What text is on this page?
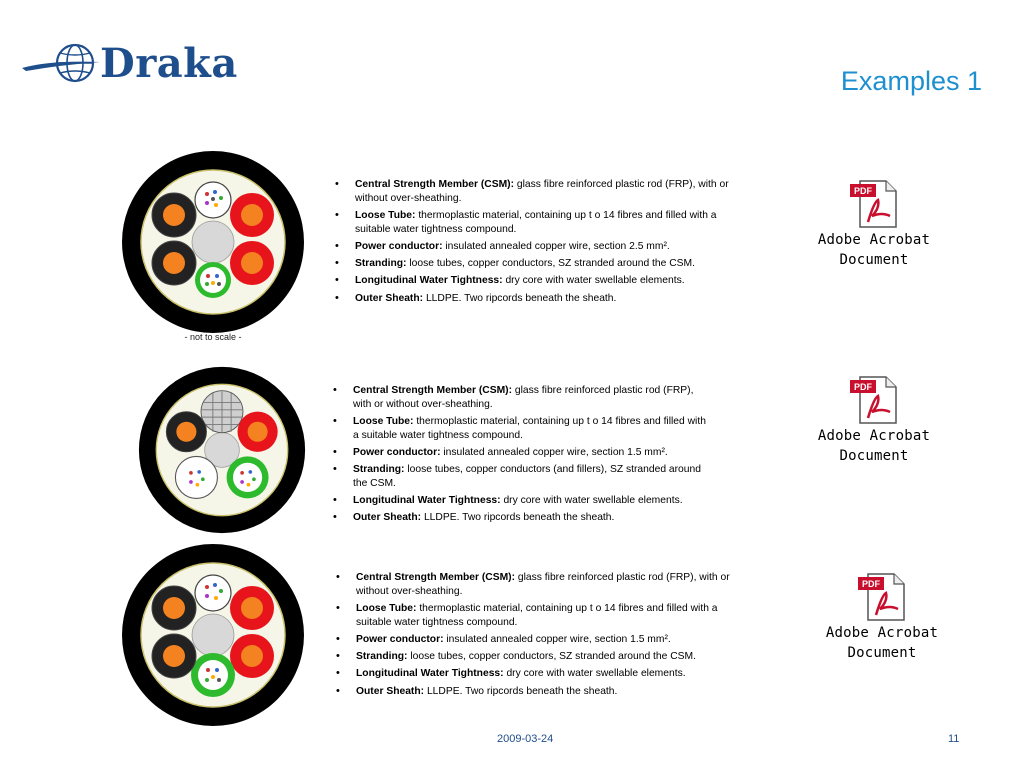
Draka	Examples 1
- not to scale -
• Central Strength Member (CSM): glass fibre reinforced plastic rod (FRP), with or without over-sheathing.
• Loose Tube: thermoplastic material, containing up t o 14 fibres and filled with a suitable water tightness compound.
• Power conductor: insulated annealed copper wire, section 2.5 mm².
• Stranding: loose tubes, copper conductors, SZ stranded around the CSM.
• Longitudinal Water Tightness: dry core with water swellable elements.
• Outer Sheath: LLDPE. Two ripcords beneath the sheath.
• Central Strength Member (CSM): glass fibre reinforced plastic rod (FRP), with or without over-sheathing.
• Loose Tube: thermoplastic material, containing up t o 14 fibres and filled with a suitable water tightness compound.
• Power conductor: insulated annealed copper wire, section 1.5 mm².
• Stranding: loose tubes, copper conductors (and fillers), SZ stranded around the CSM.
• Longitudinal Water Tightness: dry core with water swellable elements.
• Outer Sheath: LLDPE. Two ripcords beneath the sheath.
• Central Strength Member (CSM): glass fibre reinforced plastic rod (FRP), with or without over-sheathing.
• Loose Tube: thermoplastic material, containing up t o 14 fibres and filled with a suitable water tightness compound.
• Power conductor: insulated annealed copper wire, section 1.5 mm².
• Stranding: loose tubes, copper conductors, SZ stranded around the CSM.
• Longitudinal Water Tightness: dry core with water swellable elements.
• Outer Sheath: LLDPE. Two ripcords beneath the sheath.
PDF
Adobe Acrobat
Document
PDF
Adobe Acrobat
Document
PDF
Adobe Acrobat
Document
2009-03-24	11
